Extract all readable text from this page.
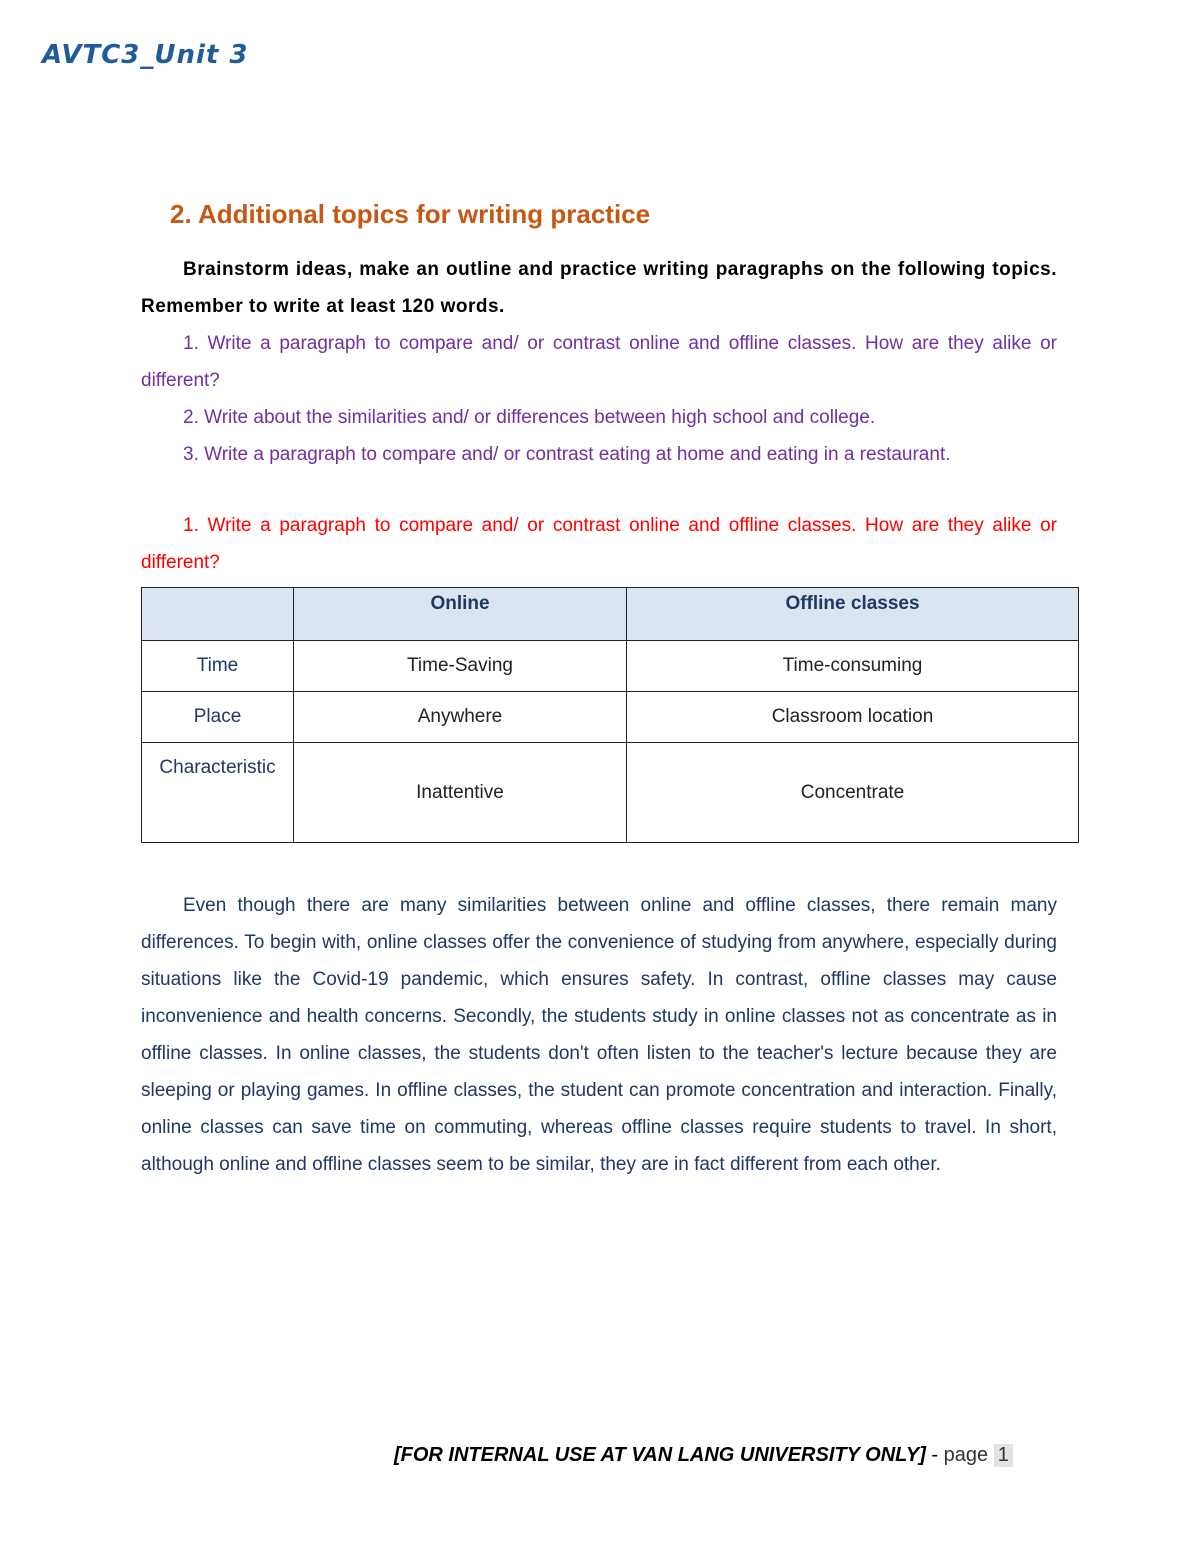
AVTC3_Unit 3
2. Additional topics for writing practice

Brainstorm ideas, make an outline and practice writing paragraphs on the following topics. Remember to write at least 120 words.

1. Write a paragraph to compare and/ or contrast online and offline classes. How are they alike or different?

2. Write about the similarities and/ or differences between high school and college.

3. Write a paragraph to compare and/ or contrast eating at home and eating in a restaurant.

1. Write a paragraph to compare and/ or contrast online and offline classes. How are they alike or different?

	Online	Offline classes
Time	Time-Saving	Time-consuming
Place	Anywhere	Classroom location
Characteristic	Inattentive	Concentrate

Even though there are many similarities between online and offline classes, there remain many differences. To begin with, online classes offer the convenience of studying from anywhere, especially during situations like the Covid-19 pandemic, which ensures safety. In contrast, offline classes may cause inconvenience and health concerns. Secondly, the students study in online classes not as concentrate as in offline classes. In online classes, the students don't often listen to the teacher's lecture because they are sleeping or playing games. In offline classes, the student can promote concentration and interaction. Finally, online classes can save time on commuting, whereas offline classes require students to travel. In short, although online and offline classes seem to be similar, they are in fact different from each other.

[FOR INTERNAL USE AT VAN LANG UNIVERSITY ONLY] - page 1
